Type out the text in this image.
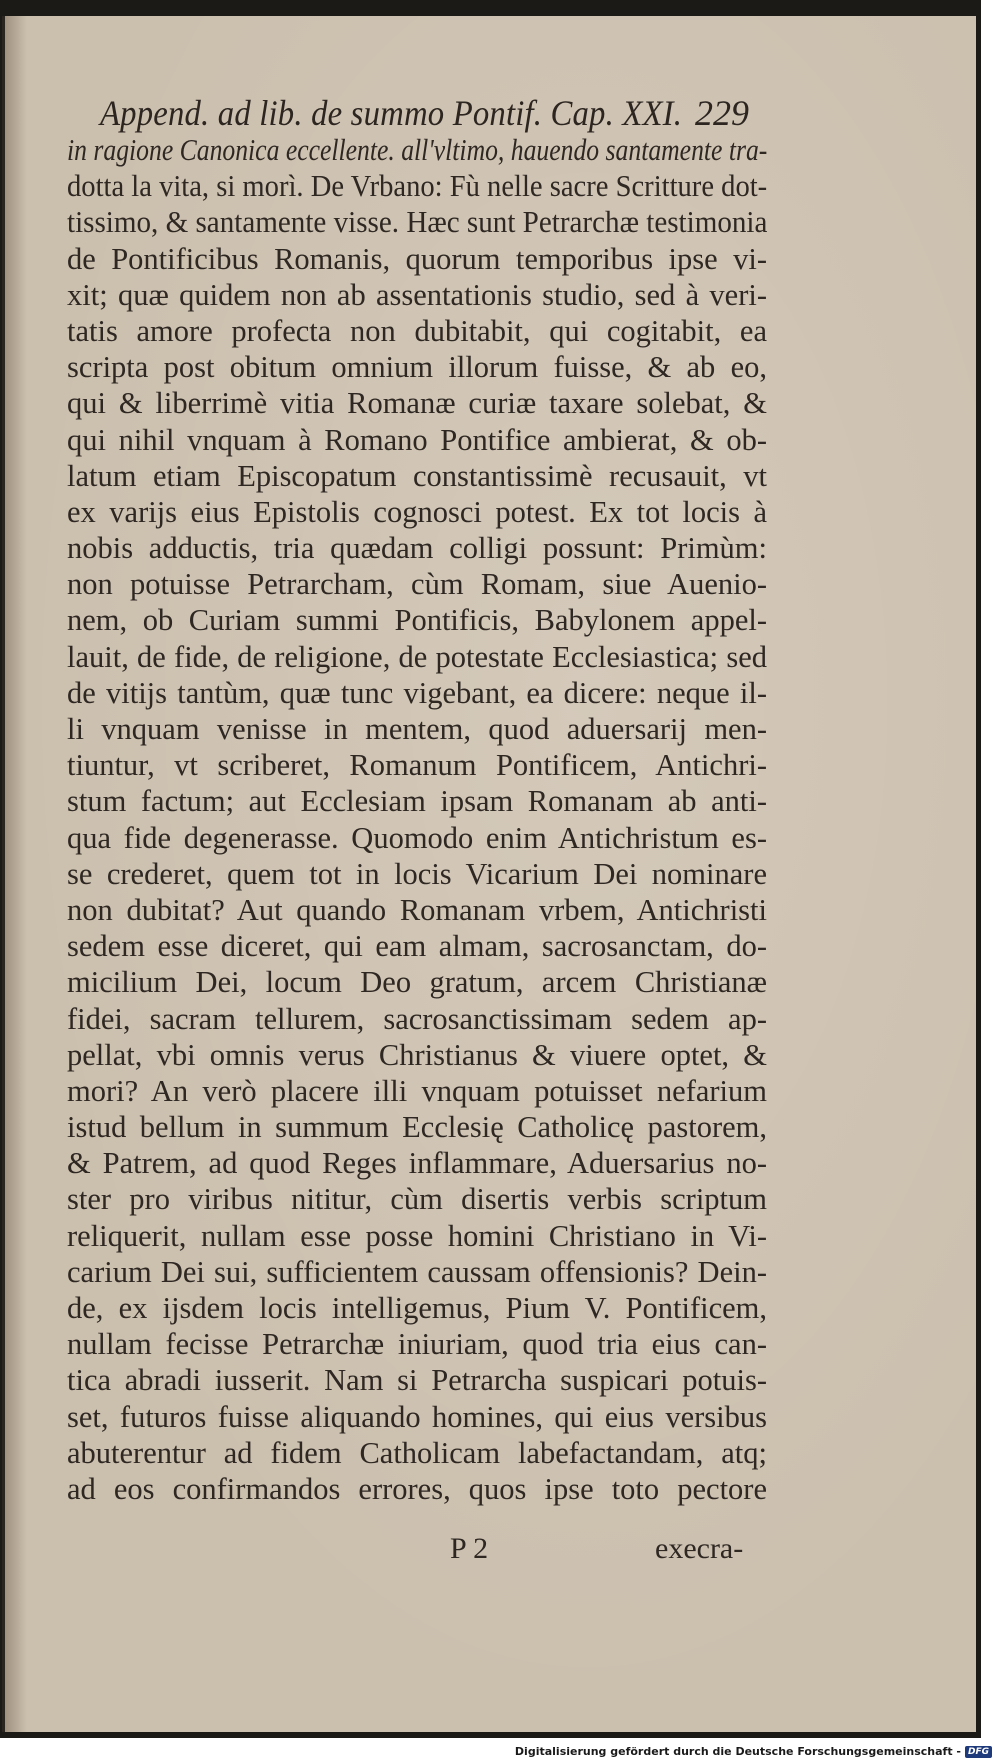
Append. ad lib. de summo Pontif. Cap. XXI. 229
in ragione Canonica eccellente. all'vltimo, hauendo santamente tra-
dotta la vita, si morì. De Vrbano: Fù nelle sacre Scritture dot-
tissimo, & santamente visse. Hæc sunt Petrarchæ testimonia
de Pontificibus Romanis, quorum temporibus ipse vi-
xit; quæ quidem non ab assentationis studio, sed à veri-
tatis amore profecta non dubitabit, qui cogitabit, ea
scripta post obitum omnium illorum fuisse, & ab eo,
qui & liberrimè vitia Romanæ curiæ taxare solebat, &
qui nihil vnquam à Romano Pontifice ambierat, & ob-
latum etiam Episcopatum constantissimè recusauit, vt
ex varijs eius Epistolis cognosci potest. Ex tot locis à
nobis adductis, tria quædam colligi possunt: Primùm:
non potuisse Petrarcham, cùm Romam, siue Auenio-
nem, ob Curiam summi Pontificis, Babylonem appel-
lauit, de fide, de religione, de potestate Ecclesiastica; sed
de vitijs tantùm, quæ tunc vigebant, ea dicere: neque il-
li vnquam venisse in mentem, quod aduersarij men-
tiuntur, vt scriberet, Romanum Pontificem, Antichri-
stum factum; aut Ecclesiam ipsam Romanam ab anti-
qua fide degenerasse. Quomodo enim Antichristum es-
se crederet, quem tot in locis Vicarium Dei nominare
non dubitat? Aut quando Romanam vrbem, Antichristi
sedem esse diceret, qui eam almam, sacrosanctam, do-
micilium Dei, locum Deo gratum, arcem Christianæ
fidei, sacram tellurem, sacrosanctissimam sedem ap-
pellat, vbi omnis verus Christianus & viuere optet, &
mori? An verò placere illi vnquam potuisset nefarium
istud bellum in summum Ecclesię Catholicę pastorem,
& Patrem, ad quod Reges inflammare, Aduersarius no-
ster pro viribus nititur, cùm disertis verbis scriptum
reliquerit, nullam esse posse homini Christiano in Vi-
carium Dei sui, sufficientem caussam offensionis? Dein-
de, ex ijsdem locis intelligemus, Pium V. Pontificem,
nullam fecisse Petrarchæ iniuriam, quod tria eius can-
tica abradi iusserit. Nam si Petrarcha suspicari potuis-
set, futuros fuisse aliquando homines, qui eius versibus
abuterentur ad fidem Catholicam labefactandam, atq;
ad eos confirmandos errores, quos ipse toto pectore
P 2	execra-
Digitalisierung gefördert durch die Deutsche Forschungsgemeinschaft - DFG
